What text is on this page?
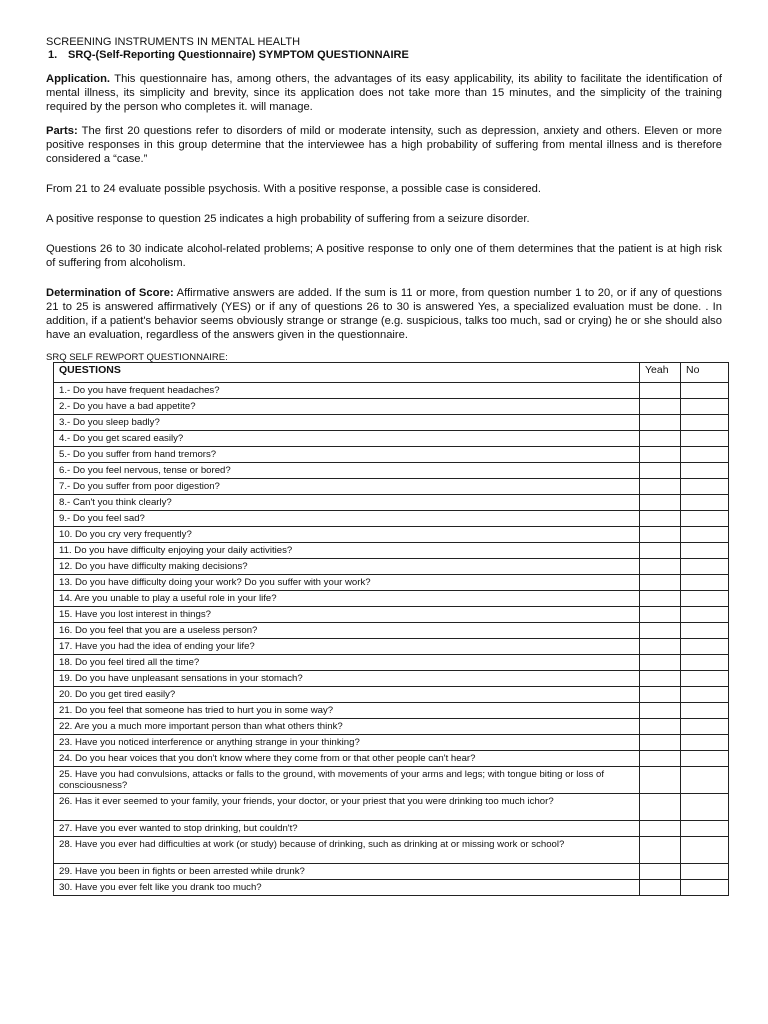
SCREENING INSTRUMENTS IN MENTAL HEALTH

1. SRQ-(Self-Reporting Questionnaire) SYMPTOM QUESTIONNAIRE

Application. This questionnaire has, among others, the advantages of its easy applicability, its ability to facilitate the identification of mental illness, its simplicity and brevity, since its application does not take more than 15 minutes, and the simplicity of the training required by the person who completes it. will manage.

Parts: The first 20 questions refer to disorders of mild or moderate intensity, such as depression, anxiety and others. Eleven or more positive responses in this group determine that the interviewee has a high probability of suffering from mental illness and is therefore considered a “case.”

From 21 to 24 evaluate possible psychosis. With a positive response, a possible case is considered.

A positive response to question 25 indicates a high probability of suffering from a seizure disorder.

Questions 26 to 30 indicate alcohol-related problems; A positive response to only one of them determines that the patient is at high risk of suffering from alcoholism.

Determination of Score: Affirmative answers are added. If the sum is 11 or more, from question number 1 to 20, or if any of questions 21 to 25 is answered affirmatively (YES) or if any of questions 26 to 30 is answered Yes, a specialized evaluation must be done. . In addition, if a patient's behavior seems obviously strange or strange (e.g. suspicious, talks too much, sad or crying) he or she should also have an evaluation, regardless of the answers given in the questionnaire.

SRQ SELF REWPORT QUESTIONNAIRE:

QUESTIONS	Yeah	No
1.- Do you have frequent headaches?		
2.- Do you have a bad appetite?		
3.- Do you sleep badly?		
4.- Do you get scared easily?		
5.- Do you suffer from hand tremors?		
6.- Do you feel nervous, tense or bored?		
7.- Do you suffer from poor digestion?		
8.- Can't you think clearly?		
9.- Do you feel sad?		
10. Do you cry very frequently?		
11. Do you have difficulty enjoying your daily activities?		
12. Do you have difficulty making decisions?		
13. Do you have difficulty doing your work? Do you suffer with your work?		
14. Are you unable to play a useful role in your life?		
15. Have you lost interest in things?		
16. Do you feel that you are a useless person?		
17. Have you had the idea of ending your life?		
18. Do you feel tired all the time?		
19. Do you have unpleasant sensations in your stomach?		
20. Do you get tired easily?		
21. Do you feel that someone has tried to hurt you in some way?		
22. Are you a much more important person than what others think?		
23. Have you noticed interference or anything strange in your thinking?		
24. Do you hear voices that you don't know where they come from or that other people can't hear?		
25. Have you had convulsions, attacks or falls to the ground, with movements of your arms and legs; with tongue biting or loss of consciousness?		
26. Has it ever seemed to your family, your friends, your doctor, or your priest that you were drinking too much ichor?		
27. Have you ever wanted to stop drinking, but couldn't?		
28. Have you ever had difficulties at work (or study) because of drinking, such as drinking at or missing work or school?		
29. Have you been in fights or been arrested while drunk?		
30. Have you ever felt like you drank too much?		
